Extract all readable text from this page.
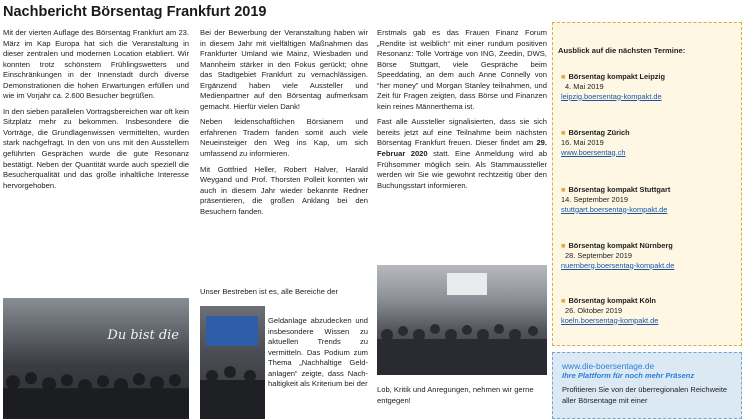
Nachbericht Börsentag Frankfurt 2019

Mit der vierten Auflage des Börsentag Frankfurt am 23. März im Kap Europa hat sich die Veranstaltung in dieser zentralen und modernen Location etabliert. Wir konnten trotz schönstem Frühlingswetters und Einschränkungen in der Innenstadt durch diverse Demonstrationen die hohen Erwartungen erfüllen und wie im Vorjahr ca. 2.600 Besucher begrüßen.

In den sieben parallelen Vortragsbereichen war oft kein Sitzplatz mehr zu bekommen. Insbesondere die Vorträge, die Grundlagenwissen vermittelten, wurden stark nachgefragt. In den von uns mit den Ausstellern geführten Gesprächen wurde die gute Resonanz bestätigt. Neben der Quantität wurde auch speziell die Besucherqualität und das große inhaltliche Interesse hervorgehoben.

Du bist die

Bei der Bewerbung der Veranstaltung haben wir in diesem Jahr mit vielfältigen Maßnahmen das Frankfurter Umland wie Mainz, Wiesbaden und Mannheim stärker in den Fokus gerückt; ohne das Stadtgebiet Frankfurt zu vernachlässigen. Ergänzend haben viele Aussteller und Medienpartner auf den Börsentag aufmerksam gemacht. Hierfür vielen Dank!

Neben leidenschaftlichen Börsianern und erfahrenen Tradern fanden somit auch viele Neueinsteiger den Weg ins Kap, um sich umfassend zu informieren.

Mit Gottfried Heller, Robert Halver, Harald Weygand und Prof. Thorsten Polleit konnten wir auch in diesem Jahr wieder bekannte Redner präsentieren, die großen Anklang bei den Besuchern fanden.

Unser Bestreben ist es, alle Bereiche der
Geldanlage abzudecken und insbesondere Wissen zu aktuellen Trends zu vermitteln. Das Podium zum Thema „Nachhaltige Geld-anlagen“ zeigte, dass Nach-haltigkeit als Kriterium bei der

Erstmals gab es das Frauen Finanz Forum „Rendite ist weiblich“ mit einer rundum positiven Resonanz: Tolle Vorträge von ING, Zeedin, DWS, Börse Stuttgart, viele Gespräche beim Speeddating, an dem auch Anne Connelly von “her money” und Morgan Stanley teilnahmen, und Zeit für Fragen zeigten, dass Börse und Finanzen kein reines Männerthema ist.

Fast alle Aussteller signalisierten, dass sie sich bereits jetzt auf eine Teilnahme beim nächsten Börsentag Frankfurt freuen. Dieser findet am 29. Februar 2020 statt. Eine Anmeldung wird ab Frühsommer möglich sein. Als Stammaussteller werden wir Sie wie gewohnt rechtzeitig über den Buchungsstart informieren.

Lob, Kritik und Anregungen, nehmen wir gerne entgegen!
Ausblick auf die nächsten Termine:
■ Börsentag kompakt Leipzig
4. Mai 2019
leipzig.boersentag-kompakt.de
■ Börsentag Zürich
16. Mai 2019
www.boersentag.ch
■ Börsentag kompakt Stuttgart
14. September 2019
stuttgart.boersentag-kompakt.de
■ Börsentag kompakt Nürnberg
28. September 2019
nuernberg.boersentag-kompakt.de
■ Börsentag kompakt Köln
26. Oktober 2019
koeln.boersentag-kompakt.de
www.die-boersentage.de
Ihre Plattform für noch mehr Präsenz
Profitieren Sie von der überregionalen Reichweite aller Börsentage mit einer
